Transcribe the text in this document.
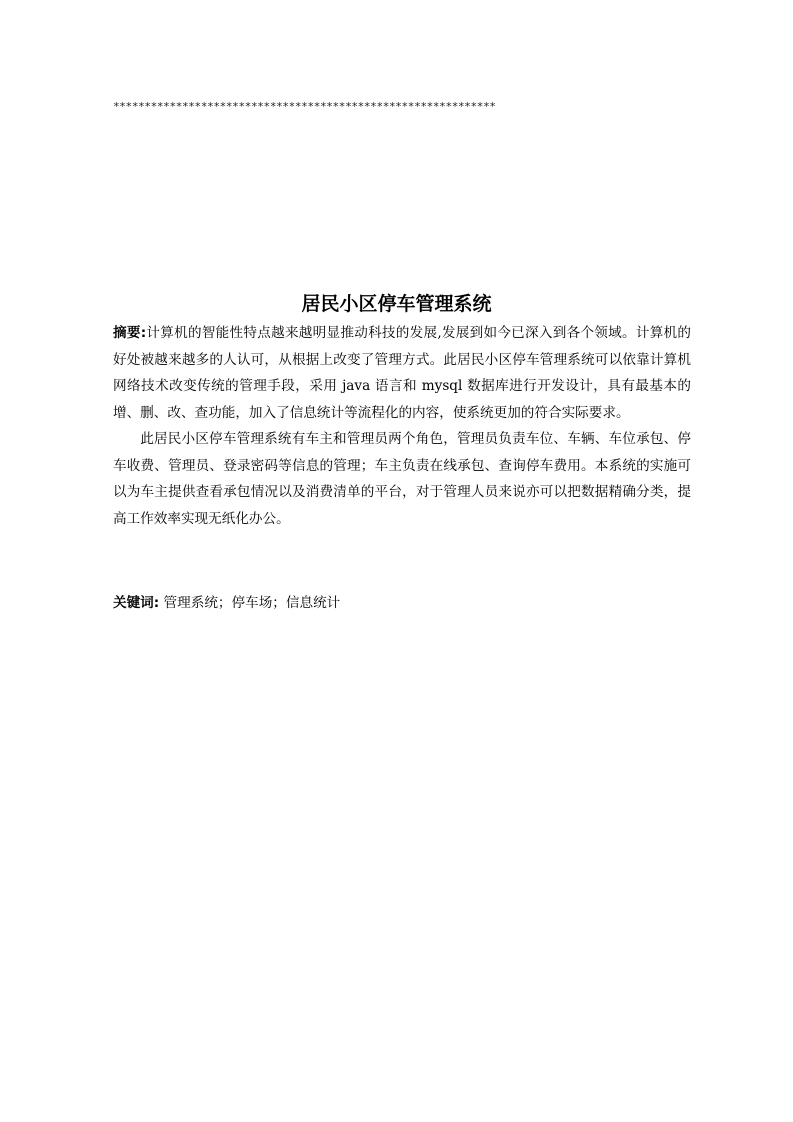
*************************************************************
居民小区停车管理系统

摘要:计算机的智能性特点越来越明显推动科技的发展,发展到如今已深入到各个领域。计算机的好处被越来越多的人认可，从根据上改变了管理方式。此居民小区停车管理系统可以依靠计算机网络技术改变传统的管理手段，采用 java 语言和 mysql 数据库进行开发设计，具有最基本的增、删、改、查功能，加入了信息统计等流程化的内容，使系统更加的符合实际要求。

此居民小区停车管理系统有车主和管理员两个角色，管理员负责车位、车辆、车位承包、停车收费、管理员、登录密码等信息的管理；车主负责在线承包、查询停车费用。本系统的实施可以为车主提供查看承包情况以及消费清单的平台，对于管理人员来说亦可以把数据精确分类，提高工作效率实现无纸化办公。

关键词: 管理系统；停车场；信息统计
